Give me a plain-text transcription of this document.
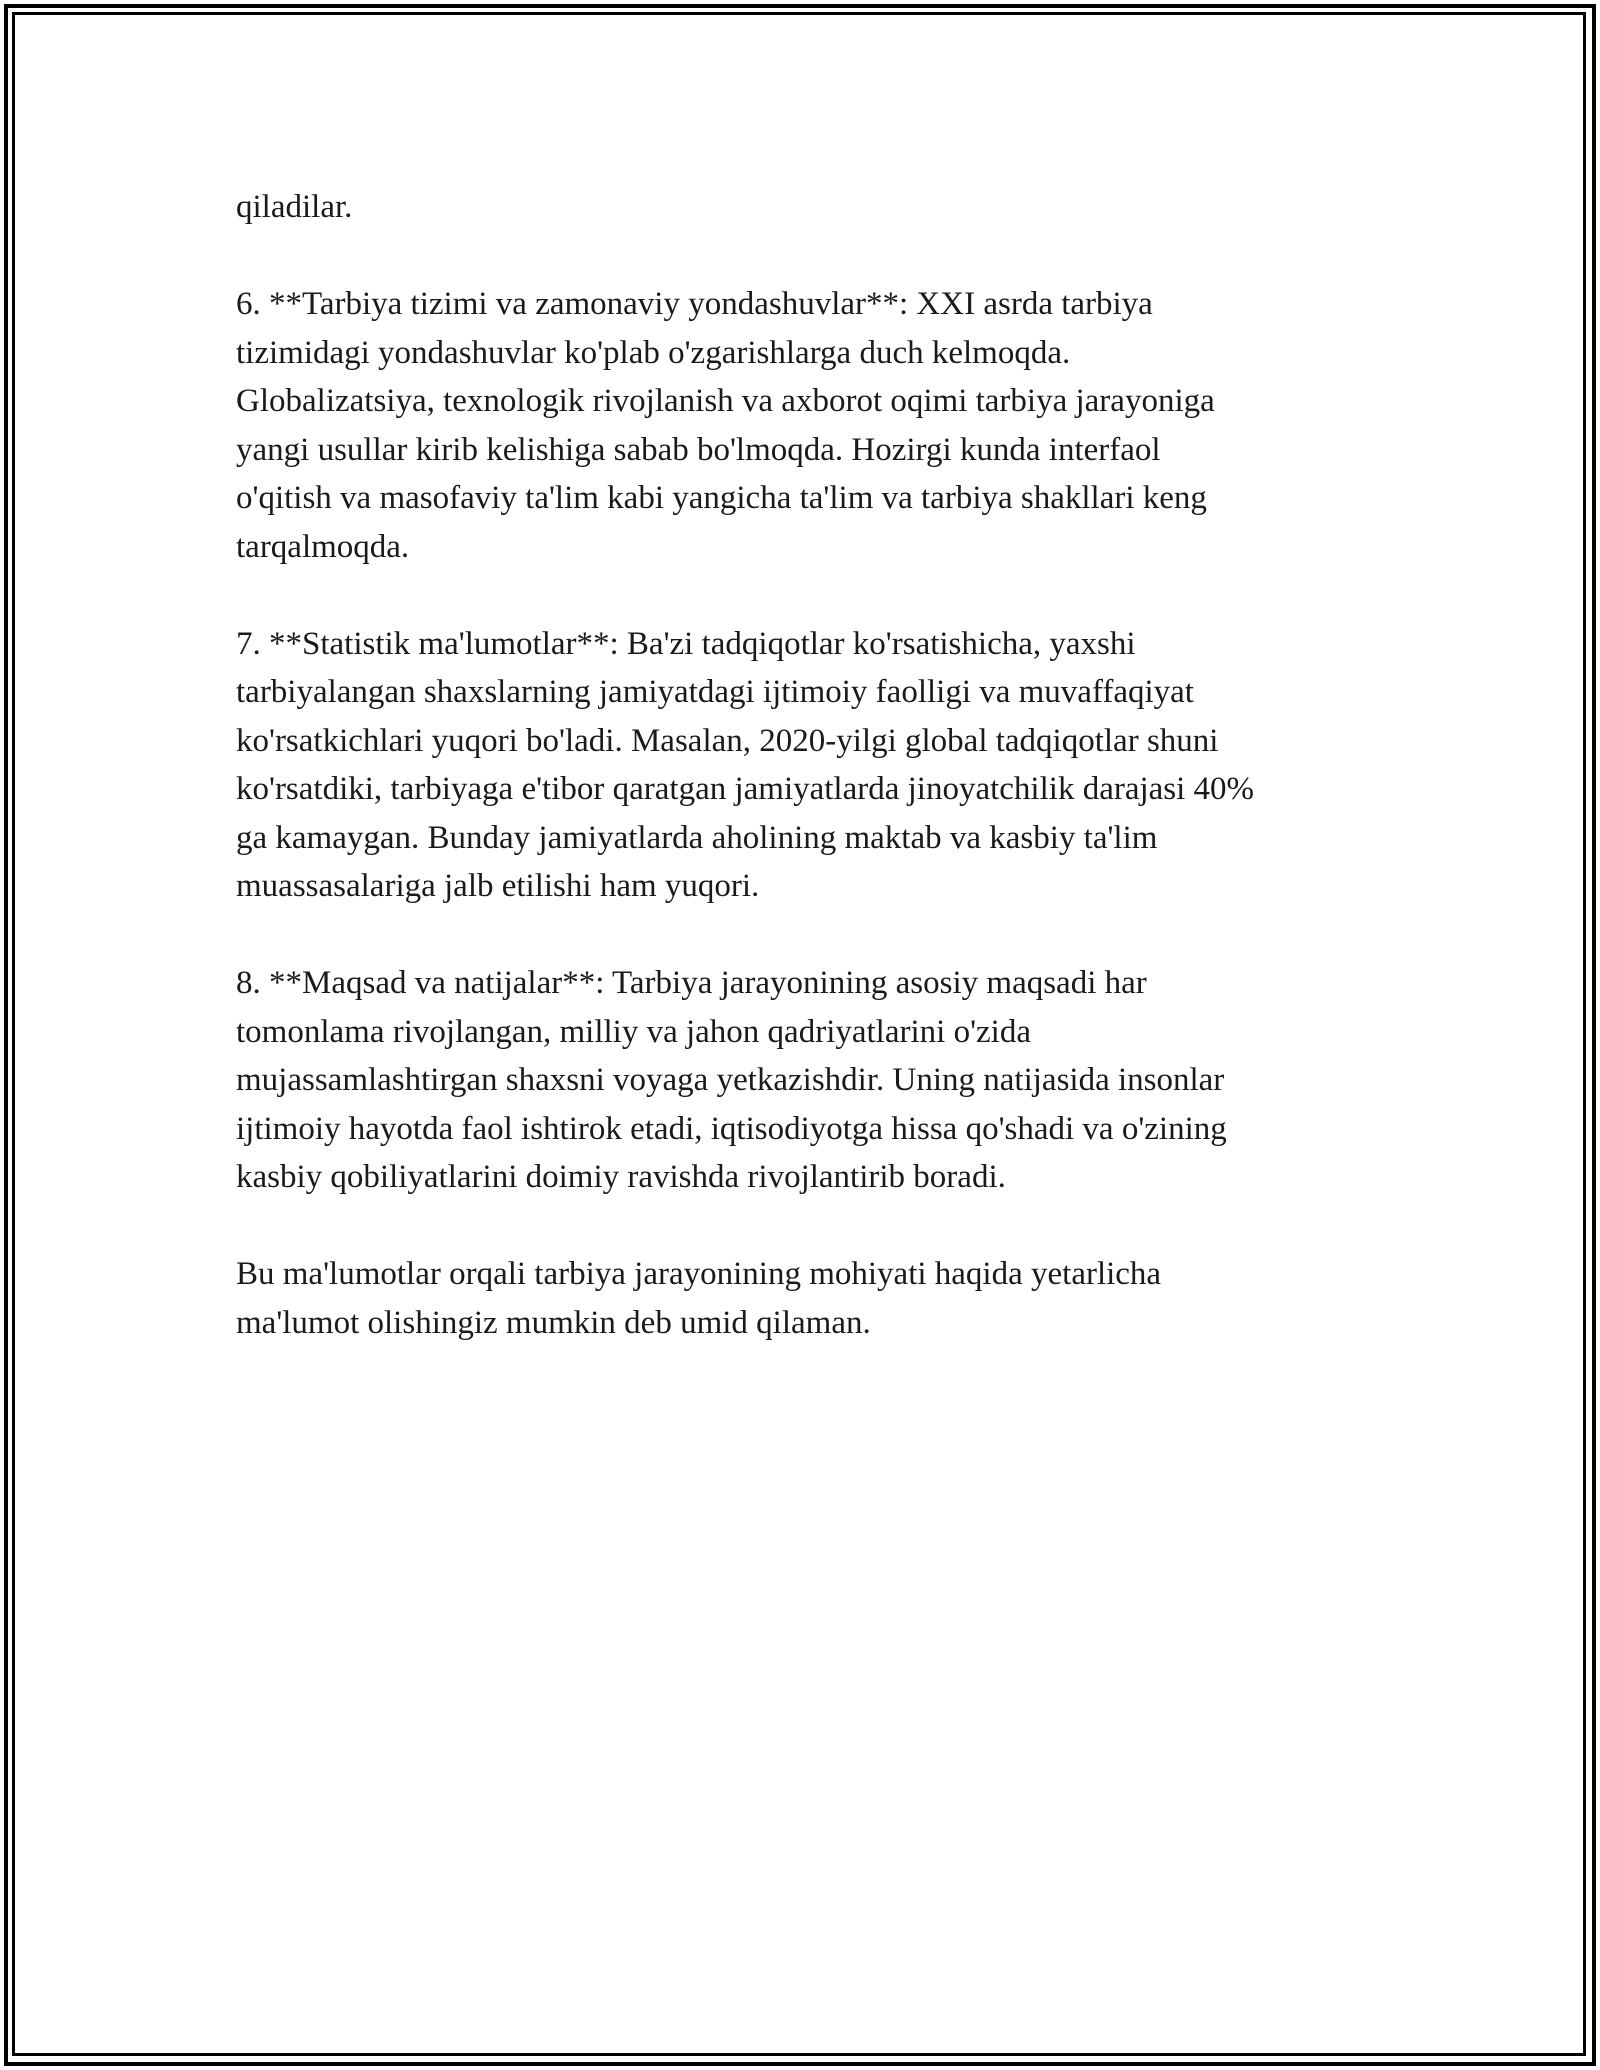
qiladilar.

6. **Tarbiya tizimi va zamonaviy yondashuvlar**: XXI asrda tarbiya
tizimidagi yondashuvlar ko'plab o'zgarishlarga duch kelmoqda.
Globalizatsiya, texnologik rivojlanish va axborot oqimi tarbiya jarayoniga
yangi usullar kirib kelishiga sabab bo'lmoqda. Hozirgi kunda interfaol
o'qitish va masofaviy ta'lim kabi yangicha ta'lim va tarbiya shakllari keng
tarqalmoqda.

7. **Statistik ma'lumotlar**: Ba'zi tadqiqotlar ko'rsatishicha, yaxshi
tarbiyalangan shaxslarning jamiyatdagi ijtimoiy faolligi va muvaffaqiyat
ko'rsatkichlari yuqori bo'ladi. Masalan, 2020-yilgi global tadqiqotlar shuni
ko'rsatdiki, tarbiyaga e'tibor qaratgan jamiyatlarda jinoyatchilik darajasi 40%
ga kamaygan. Bunday jamiyatlarda aholining maktab va kasbiy ta'lim
muassasalariga jalb etilishi ham yuqori.

8. **Maqsad va natijalar**: Tarbiya jarayonining asosiy maqsadi har
tomonlama rivojlangan, milliy va jahon qadriyatlarini o'zida
mujassamlashtirgan shaxsni voyaga yetkazishdir. Uning natijasida insonlar
ijtimoiy hayotda faol ishtirok etadi, iqtisodiyotga hissa qo'shadi va o'zining
kasbiy qobiliyatlarini doimiy ravishda rivojlantirib boradi.

Bu ma'lumotlar orqali tarbiya jarayonining mohiyati haqida yetarlicha
ma'lumot olishingiz mumkin deb umid qilaman.
